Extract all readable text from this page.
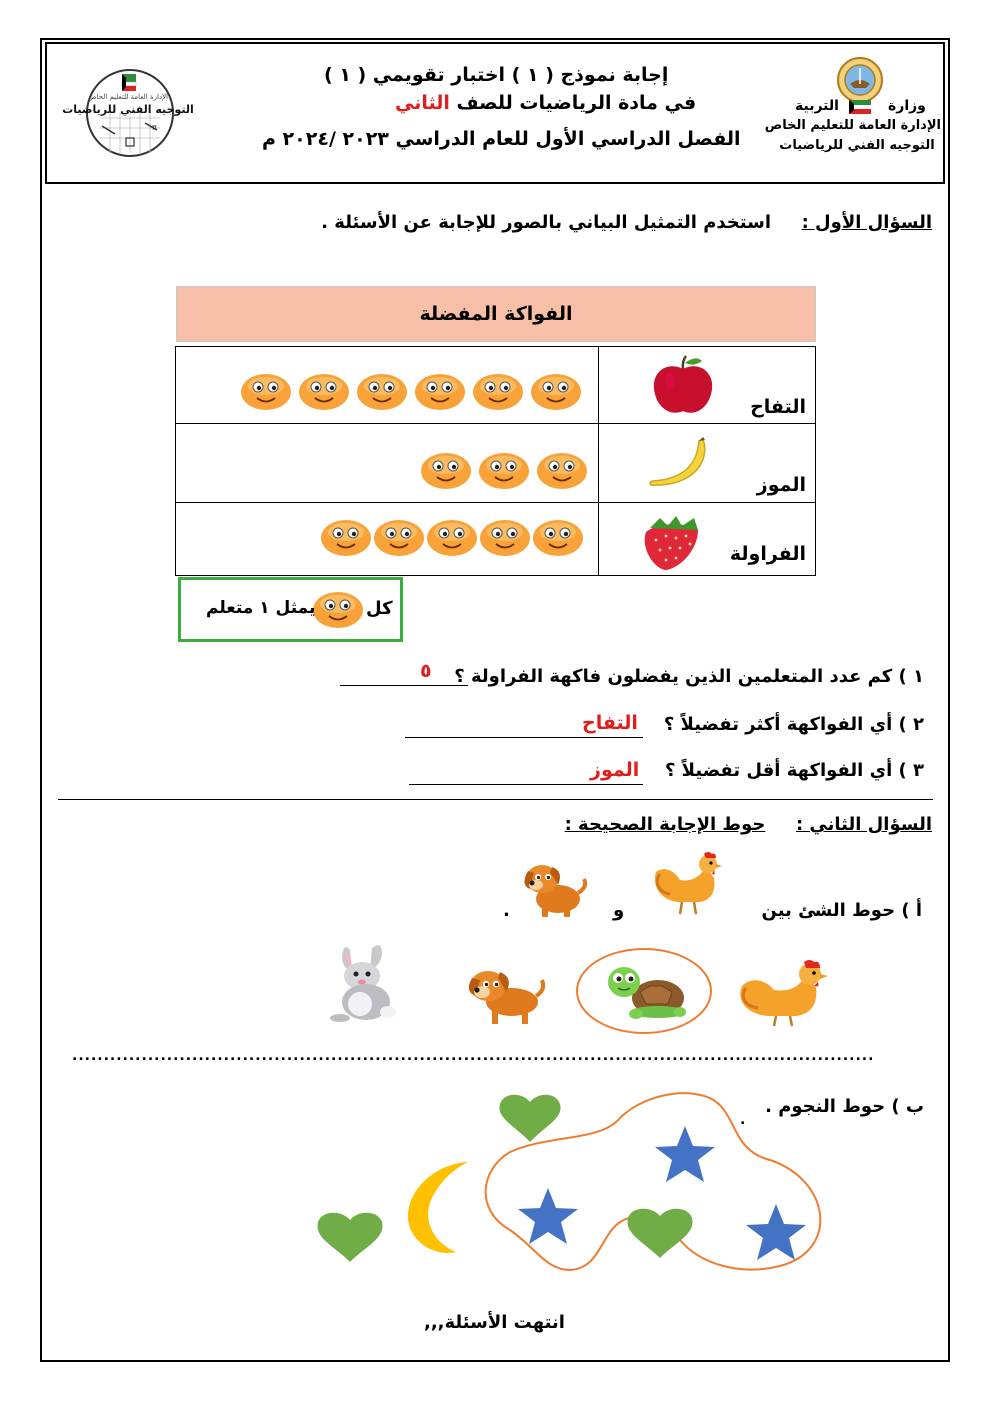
الإدارة العامة للتعليم الخاص
التوجيه الفني للرياضيات
π
إجابة نموذج ( ١ ) اختبار تقويمي ( ١ )
في مادة الرياضيات للصف الثاني
الفصل الدراسي الأول للعام الدراسي ٢٠٢٣ /٢٠٢٤ م
وزارة
التربية
الإدارة العامة للتعليم الخاص
التوجيه الفني للرياضيات
السؤال الأول :  استخدم التمثيل البياني بالصور للإجابة عن الأسئلة .
الفواكة المفضلة
التفاح
الموز
الفراولة
كل
يمثل ١ متعلم
١ ) كم عدد المتعلمين الذين يفضلون فاكهة الفراولة ؟
٥
٢ ) أي الفواكهة أكثر تفضيلاً ؟
التفاح
٣ ) أي الفواكهة أقل تفضيلاً ؟
الموز
السؤال الثاني :  حوط الإجابة الصحيحة :
أ ) حوط الشئ بين
و
.
...............................................................................................................................
ب ) حوط النجوم .
.
انتهت الأسئلة,,,
